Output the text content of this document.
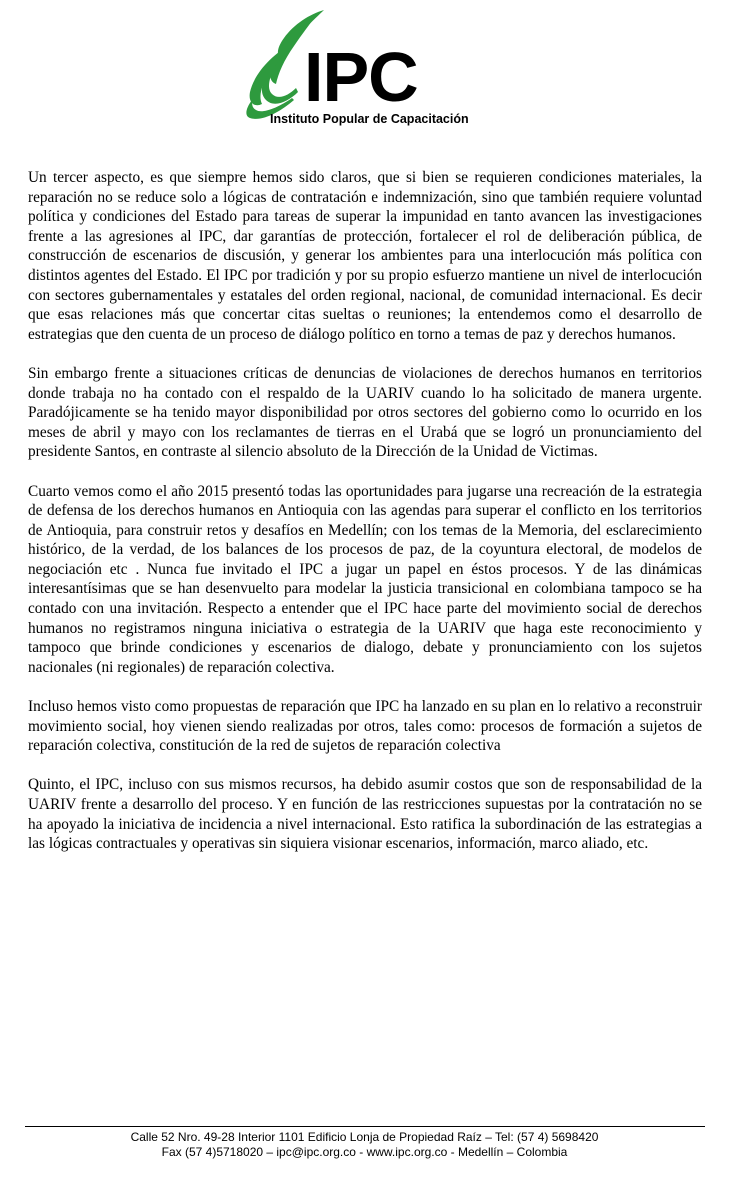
IPC
Instituto Popular de Capacitación

Un tercer aspecto, es que siempre hemos sido claros, que si bien se requieren condiciones materiales, la reparación no se reduce solo a lógicas de contratación e indemnización, sino que también requiere voluntad política y condiciones del Estado para tareas de superar la impunidad en tanto avancen las investigaciones frente a las agresiones al IPC, dar garantías de protección, fortalecer el rol de deliberación pública, de construcción de escenarios de discusión, y generar los ambientes para una interlocución más política con distintos agentes del Estado. El IPC por tradición y por su propio esfuerzo mantiene un nivel de interlocución con sectores gubernamentales y estatales del orden regional, nacional, de comunidad internacional. Es decir que esas relaciones más que concertar citas sueltas o reuniones; la entendemos como el desarrollo de estrategias que den cuenta de un proceso de diálogo político en torno a temas de paz y derechos humanos.

Sin embargo frente a situaciones críticas de denuncias de violaciones de derechos humanos en territorios donde trabaja no ha contado con el respaldo de la UARIV cuando lo ha solicitado de manera urgente. Paradójicamente se ha tenido mayor disponibilidad por otros sectores del gobierno como lo ocurrido en los meses de abril y mayo con los reclamantes de tierras en el Urabá que se logró un pronunciamiento del presidente Santos, en contraste al silencio absoluto de la Dirección de la Unidad de Victimas.

Cuarto vemos como el año 2015 presentó todas las oportunidades para jugarse una recreación de la estrategia de defensa de los derechos humanos en Antioquia con las agendas para superar el conflicto en los territorios de Antioquia, para construir retos y desafíos en Medellín; con los temas de la Memoria, del esclarecimiento histórico, de la verdad, de los balances de los procesos de paz, de la coyuntura electoral, de modelos de negociación etc . Nunca fue invitado el IPC a jugar un papel en éstos procesos. Y de las dinámicas interesantísimas que se han desenvuelto para modelar la justicia transicional en colombiana tampoco se ha contado con una invitación. Respecto a entender que el IPC hace parte del movimiento social de derechos humanos no registramos ninguna iniciativa o estrategia de la UARIV que haga este reconocimiento y tampoco que brinde condiciones y escenarios de dialogo, debate y pronunciamiento con los sujetos nacionales (ni regionales) de reparación colectiva.

Incluso hemos visto como propuestas de reparación que IPC ha lanzado en su plan en lo relativo a reconstruir movimiento social, hoy vienen siendo realizadas por otros, tales como: procesos de formación a sujetos de reparación colectiva, constitución de la red de sujetos de reparación colectiva

Quinto, el IPC, incluso con sus mismos recursos, ha debido asumir costos que son de responsabilidad de la UARIV frente a desarrollo del proceso. Y en función de las restricciones supuestas por la contratación no se ha apoyado la iniciativa de incidencia a nivel internacional. Esto ratifica la subordinación de las estrategias a las lógicas contractuales y operativas sin siquiera visionar escenarios, información, marco aliado, etc.

Calle 52 Nro. 49-28 Interior 1101 Edificio Lonja de Propiedad Raíz – Tel: (57 4) 5698420
Fax (57 4)5718020 – ipc@ipc.org.co - www.ipc.org.co - Medellín – Colombia
